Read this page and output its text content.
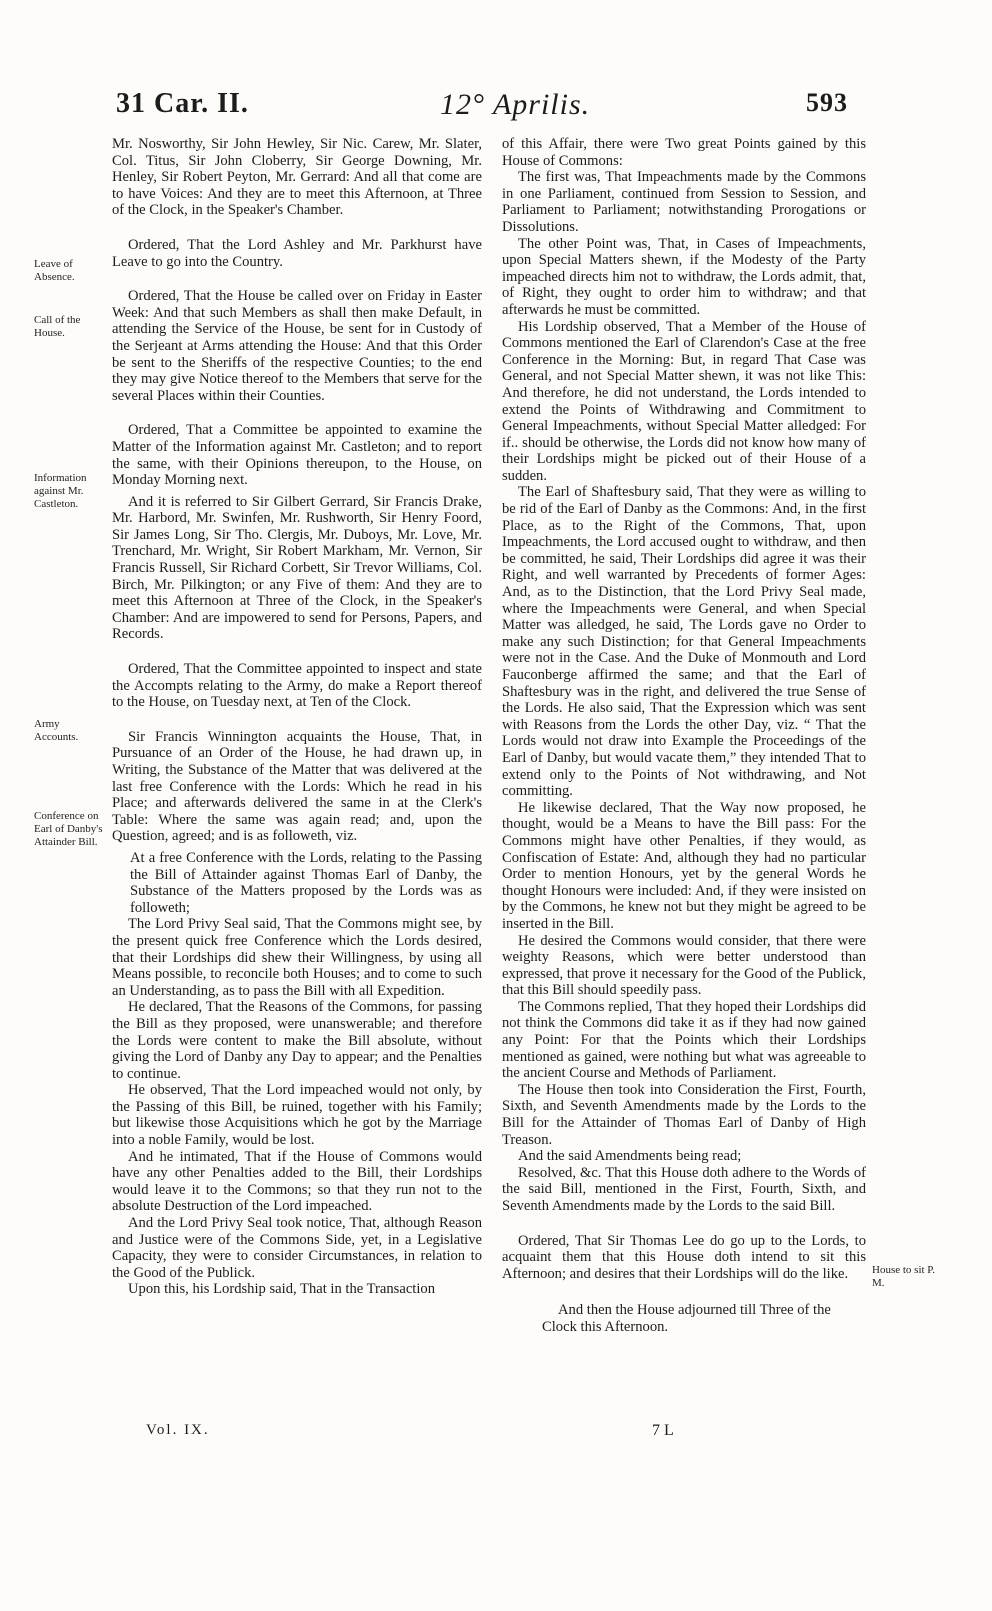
31 Car. II.	12° Aprilis.	593
Leave of Absence.
Call of the House.
Information against Mr. Castleton.
Army Accounts.
Conference on Earl of Danby's Attainder Bill.
House to sit P. M.

Mr. Nosworthy, Sir John Hewley, Sir Nic. Carew, Mr. Slater, Col. Titus, Sir John Cloberry, Sir George Downing, Mr. Henley, Sir Robert Peyton, Mr. Gerrard: And all that come are to have Voices: And they are to meet this Afternoon, at Three of the Clock, in the Speaker's Chamber.

Ordered, That the Lord Ashley and Mr. Parkhurst have Leave to go into the Country.

Ordered, That the House be called over on Friday in Easter Week: And that such Members as shall then make Default, in attending the Service of the House, be sent for in Custody of the Serjeant at Arms attending the House: And that this Order be sent to the Sheriffs of the respective Counties; to the end they may give Notice thereof to the Members that serve for the several Places within their Counties.

Ordered, That a Committee be appointed to examine the Matter of the Information against Mr. Castleton; and to report the same, with their Opinions thereupon, to the House, on Monday Morning next.

And it is referred to Sir Gilbert Gerrard, Sir Francis Drake, Mr. Harbord, Mr. Swinfen, Mr. Rushworth, Sir Henry Foord, Sir James Long, Sir Tho. Clergis, Mr. Duboys, Mr. Love, Mr. Trenchard, Mr. Wright, Sir Robert Markham, Mr. Vernon, Sir Francis Russell, Sir Richard Corbett, Sir Trevor Williams, Col. Birch, Mr. Pilkington; or any Five of them: And they are to meet this Afternoon at Three of the Clock, in the Speaker's Chamber: And are impowered to send for Persons, Papers, and Records.

Ordered, That the Committee appointed to inspect and state the Accompts relating to the Army, do make a Report thereof to the House, on Tuesday next, at Ten of the Clock.

Sir Francis Winnington acquaints the House, That, in Pursuance of an Order of the House, he had drawn up, in Writing, the Substance of the Matter that was delivered at the last free Conference with the Lords: Which he read in his Place; and afterwards delivered the same in at the Clerk's Table: Where the same was again read; and, upon the Question, agreed; and is as followeth, viz.

At a free Conference with the Lords, relating to the Passing the Bill of Attainder against Thomas Earl of Danby, the Substance of the Matters proposed by the Lords was as followeth;

The Lord Privy Seal said, That the Commons might see, by the present quick free Conference which the Lords desired, that their Lordships did shew their Willingness, by using all Means possible, to reconcile both Houses; and to come to such an Understanding, as to pass the Bill with all Expedition.

He declared, That the Reasons of the Commons, for passing the Bill as they proposed, were unanswerable; and therefore the Lords were content to make the Bill absolute, without giving the Lord of Danby any Day to appear; and the Penalties to continue.

He observed, That the Lord impeached would not only, by the Passing of this Bill, be ruined, together with his Family; but likewise those Acquisitions which he got by the Marriage into a noble Family, would be lost.

And he intimated, That if the House of Commons would have any other Penalties added to the Bill, their Lordships would leave it to the Commons; so that they run not to the absolute Destruction of the Lord impeached.

And the Lord Privy Seal took notice, That, although Reason and Justice were of the Commons Side, yet, in a Legislative Capacity, they were to consider Circumstances, in relation to the Good of the Publick.

Upon this, his Lordship said, That in the Transaction

of this Affair, there were Two great Points gained by this House of Commons:

The first was, That Impeachments made by the Commons in one Parliament, continued from Session to Session, and Parliament to Parliament; notwithstanding Prorogations or Dissolutions.

The other Point was, That, in Cases of Impeachments, upon Special Matters shewn, if the Modesty of the Party impeached directs him not to withdraw, the Lords admit, that, of Right, they ought to order him to withdraw; and that afterwards he must be committed.

His Lordship observed, That a Member of the House of Commons mentioned the Earl of Clarendon's Case at the free Conference in the Morning: But, in regard That Case was General, and not Special Matter shewn, it was not like This: And therefore, he did not understand, the Lords intended to extend the Points of Withdrawing and Commitment to General Impeachments, without Special Matter alledged: For if.. should be otherwise, the Lords did not know how many of their Lordships might be picked out of their House of a sudden.

The Earl of Shaftesbury said, That they were as willing to be rid of the Earl of Danby as the Commons: And, in the first Place, as to the Right of the Commons, That, upon Impeachments, the Lord accused ought to withdraw, and then be committed, he said, Their Lordships did agree it was their Right, and well warranted by Precedents of former Ages: And, as to the Distinction, that the Lord Privy Seal made, where the Impeachments were General, and when Special Matter was alledged, he said, The Lords gave no Order to make any such Distinction; for that General Impeachments were not in the Case. And the Duke of Monmouth and Lord Fauconberge affirmed the same; and that the Earl of Shaftesbury was in the right, and delivered the true Sense of the Lords. He also said, That the Expression which was sent with Reasons from the Lords the other Day, viz. “ That the Lords would not draw into Example the Proceedings of the Earl of Danby, but would vacate them,” they intended That to extend only to the Points of Not withdrawing, and Not committing.

He likewise declared, That the Way now proposed, he thought, would be a Means to have the Bill pass: For the Commons might have other Penalties, if they would, as Confiscation of Estate: And, although they had no particular Order to mention Honours, yet by the general Words he thought Honours were included: And, if they were insisted on by the Commons, he knew not but they might be agreed to be inserted in the Bill.

He desired the Commons would consider, that there were weighty Reasons, which were better understood than expressed, that prove it necessary for the Good of the Publick, that this Bill should speedily pass.

The Commons replied, That they hoped their Lordships did not think the Commons did take it as if they had now gained any Point: For that the Points which their Lordships mentioned as gained, were nothing but what was agreeable to the ancient Course and Methods of Parliament.

The House then took into Consideration the First, Fourth, Sixth, and Seventh Amendments made by the Lords to the Bill for the Attainder of Thomas Earl of Danby of High Treason.

And the said Amendments being read;

Resolved, &c. That this House doth adhere to the Words of the said Bill, mentioned in the First, Fourth, Sixth, and Seventh Amendments made by the Lords to the said Bill.

Ordered, That Sir Thomas Lee do go up to the Lords, to acquaint them that this House doth intend to sit this Afternoon; and desires that their Lordships will do the like.

And then the House adjourned till Three of the Clock this Afternoon.

Vol. IX.	7 L
